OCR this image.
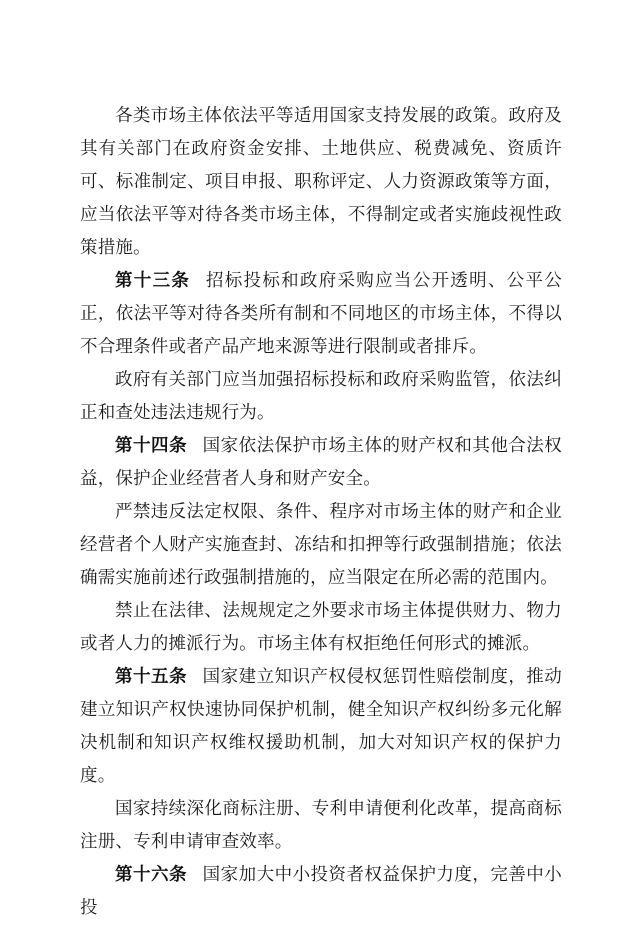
各类市场主体依法平等适用国家支持发展的政策。政府及其有关部门在政府资金安排、土地供应、税费减免、资质许可、标准制定、项目申报、职称评定、人力资源政策等方面，应当依法平等对待各类市场主体，不得制定或者实施歧视性政策措施。

第十三条 招标投标和政府采购应当公开透明、公平公正，依法平等对待各类所有制和不同地区的市场主体，不得以不合理条件或者产品产地来源等进行限制或者排斥。

政府有关部门应当加强招标投标和政府采购监管，依法纠正和查处违法违规行为。

第十四条 国家依法保护市场主体的财产权和其他合法权益，保护企业经营者人身和财产安全。

严禁违反法定权限、条件、程序对市场主体的财产和企业经营者个人财产实施查封、冻结和扣押等行政强制措施；依法确需实施前述行政强制措施的，应当限定在所必需的范围内。

禁止在法律、法规规定之外要求市场主体提供财力、物力或者人力的摊派行为。市场主体有权拒绝任何形式的摊派。

第十五条 国家建立知识产权侵权惩罚性赔偿制度，推动建立知识产权快速协同保护机制，健全知识产权纠纷多元化解决机制和知识产权维权援助机制，加大对知识产权的保护力度。

国家持续深化商标注册、专利申请便利化改革，提高商标注册、专利申请审查效率。

第十六条 国家加大中小投资者权益保护力度，完善中小投
